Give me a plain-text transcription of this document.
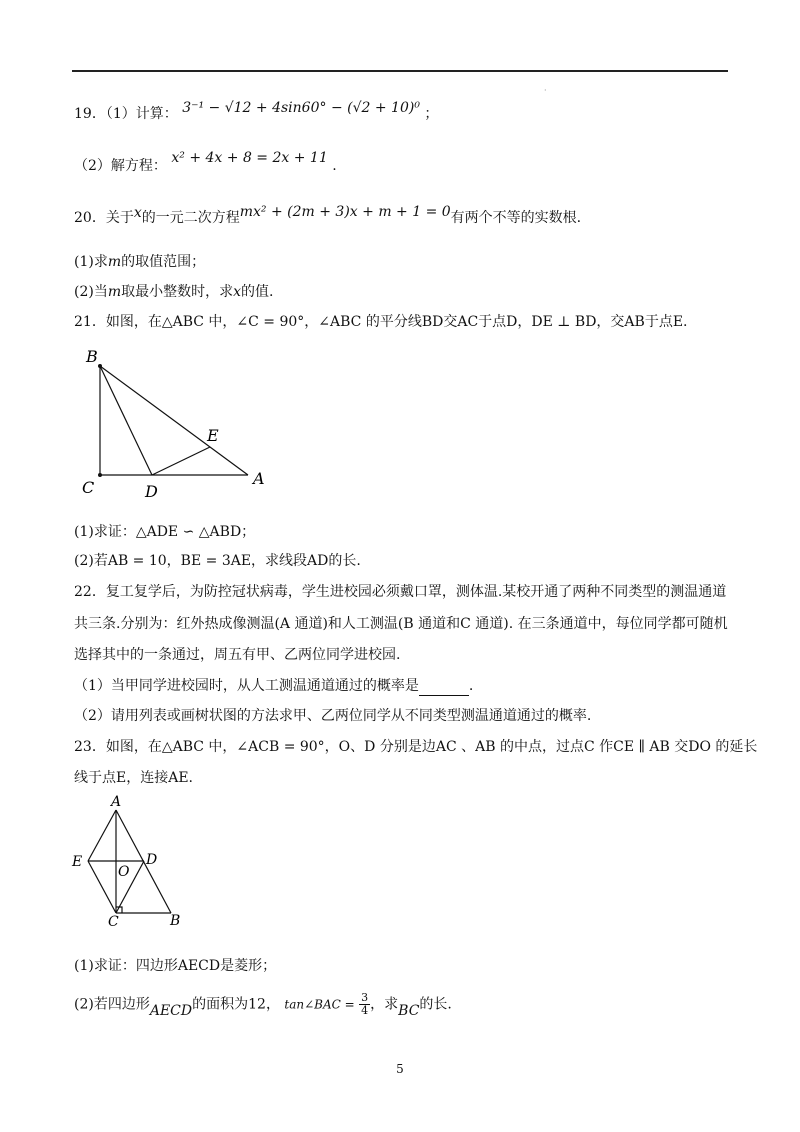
·
19．（1）计算： 3⁻¹ − √12 + 4sin60° − (√2 + 10)⁰ ；
（2）解方程： x² + 4x + 8 = 2x + 11 .
20．关于x的一元二次方程mx² + (2m + 3)x + m + 1 = 0有两个不等的实数根.
(1)求m的取值范围；
(2)当m取最小整数时，求x的值.
21．如图，在△ABC 中，∠C = 90°，∠ABC 的平分线BD交AC于点D，DE ⊥ BD，交AB于点E.
B
E
C	D
A
(1)求证：△ADE ∽ △ABD；
(2)若AB = 10，BE = 3AE，求线段AD的长.
22．复工复学后，为防控冠状病毒，学生进校园必须戴口罩，测体温.某校开通了两种不同类型的测温通道
共三条.分别为：红外热成像测温(A 通道)和人工测温(B 通道和C 通道). 在三条通道中，每位同学都可随机
选择其中的一条通过，周五有甲、乙两位同学进校园.
（1）当甲同学进校园时，从人工测温通道通过的概率是	.
（2）请用列表或画树状图的方法求甲、乙两位同学从不同类型测温通道通过的概率.
23．如图，在△ABC 中，∠ACB = 90°，O、D 分别是边AC 、AB 的中点，过点C 作CE ∥ AB 交DO 的延长
线于点E，连接AE.
A
E
O
D
C	B
(1)求证：四边形AECD是菱形；
(2)若四边形AECD的面积为12， tan∠BAC = $\frac{3}{4}$ ，求BC的长.
5
